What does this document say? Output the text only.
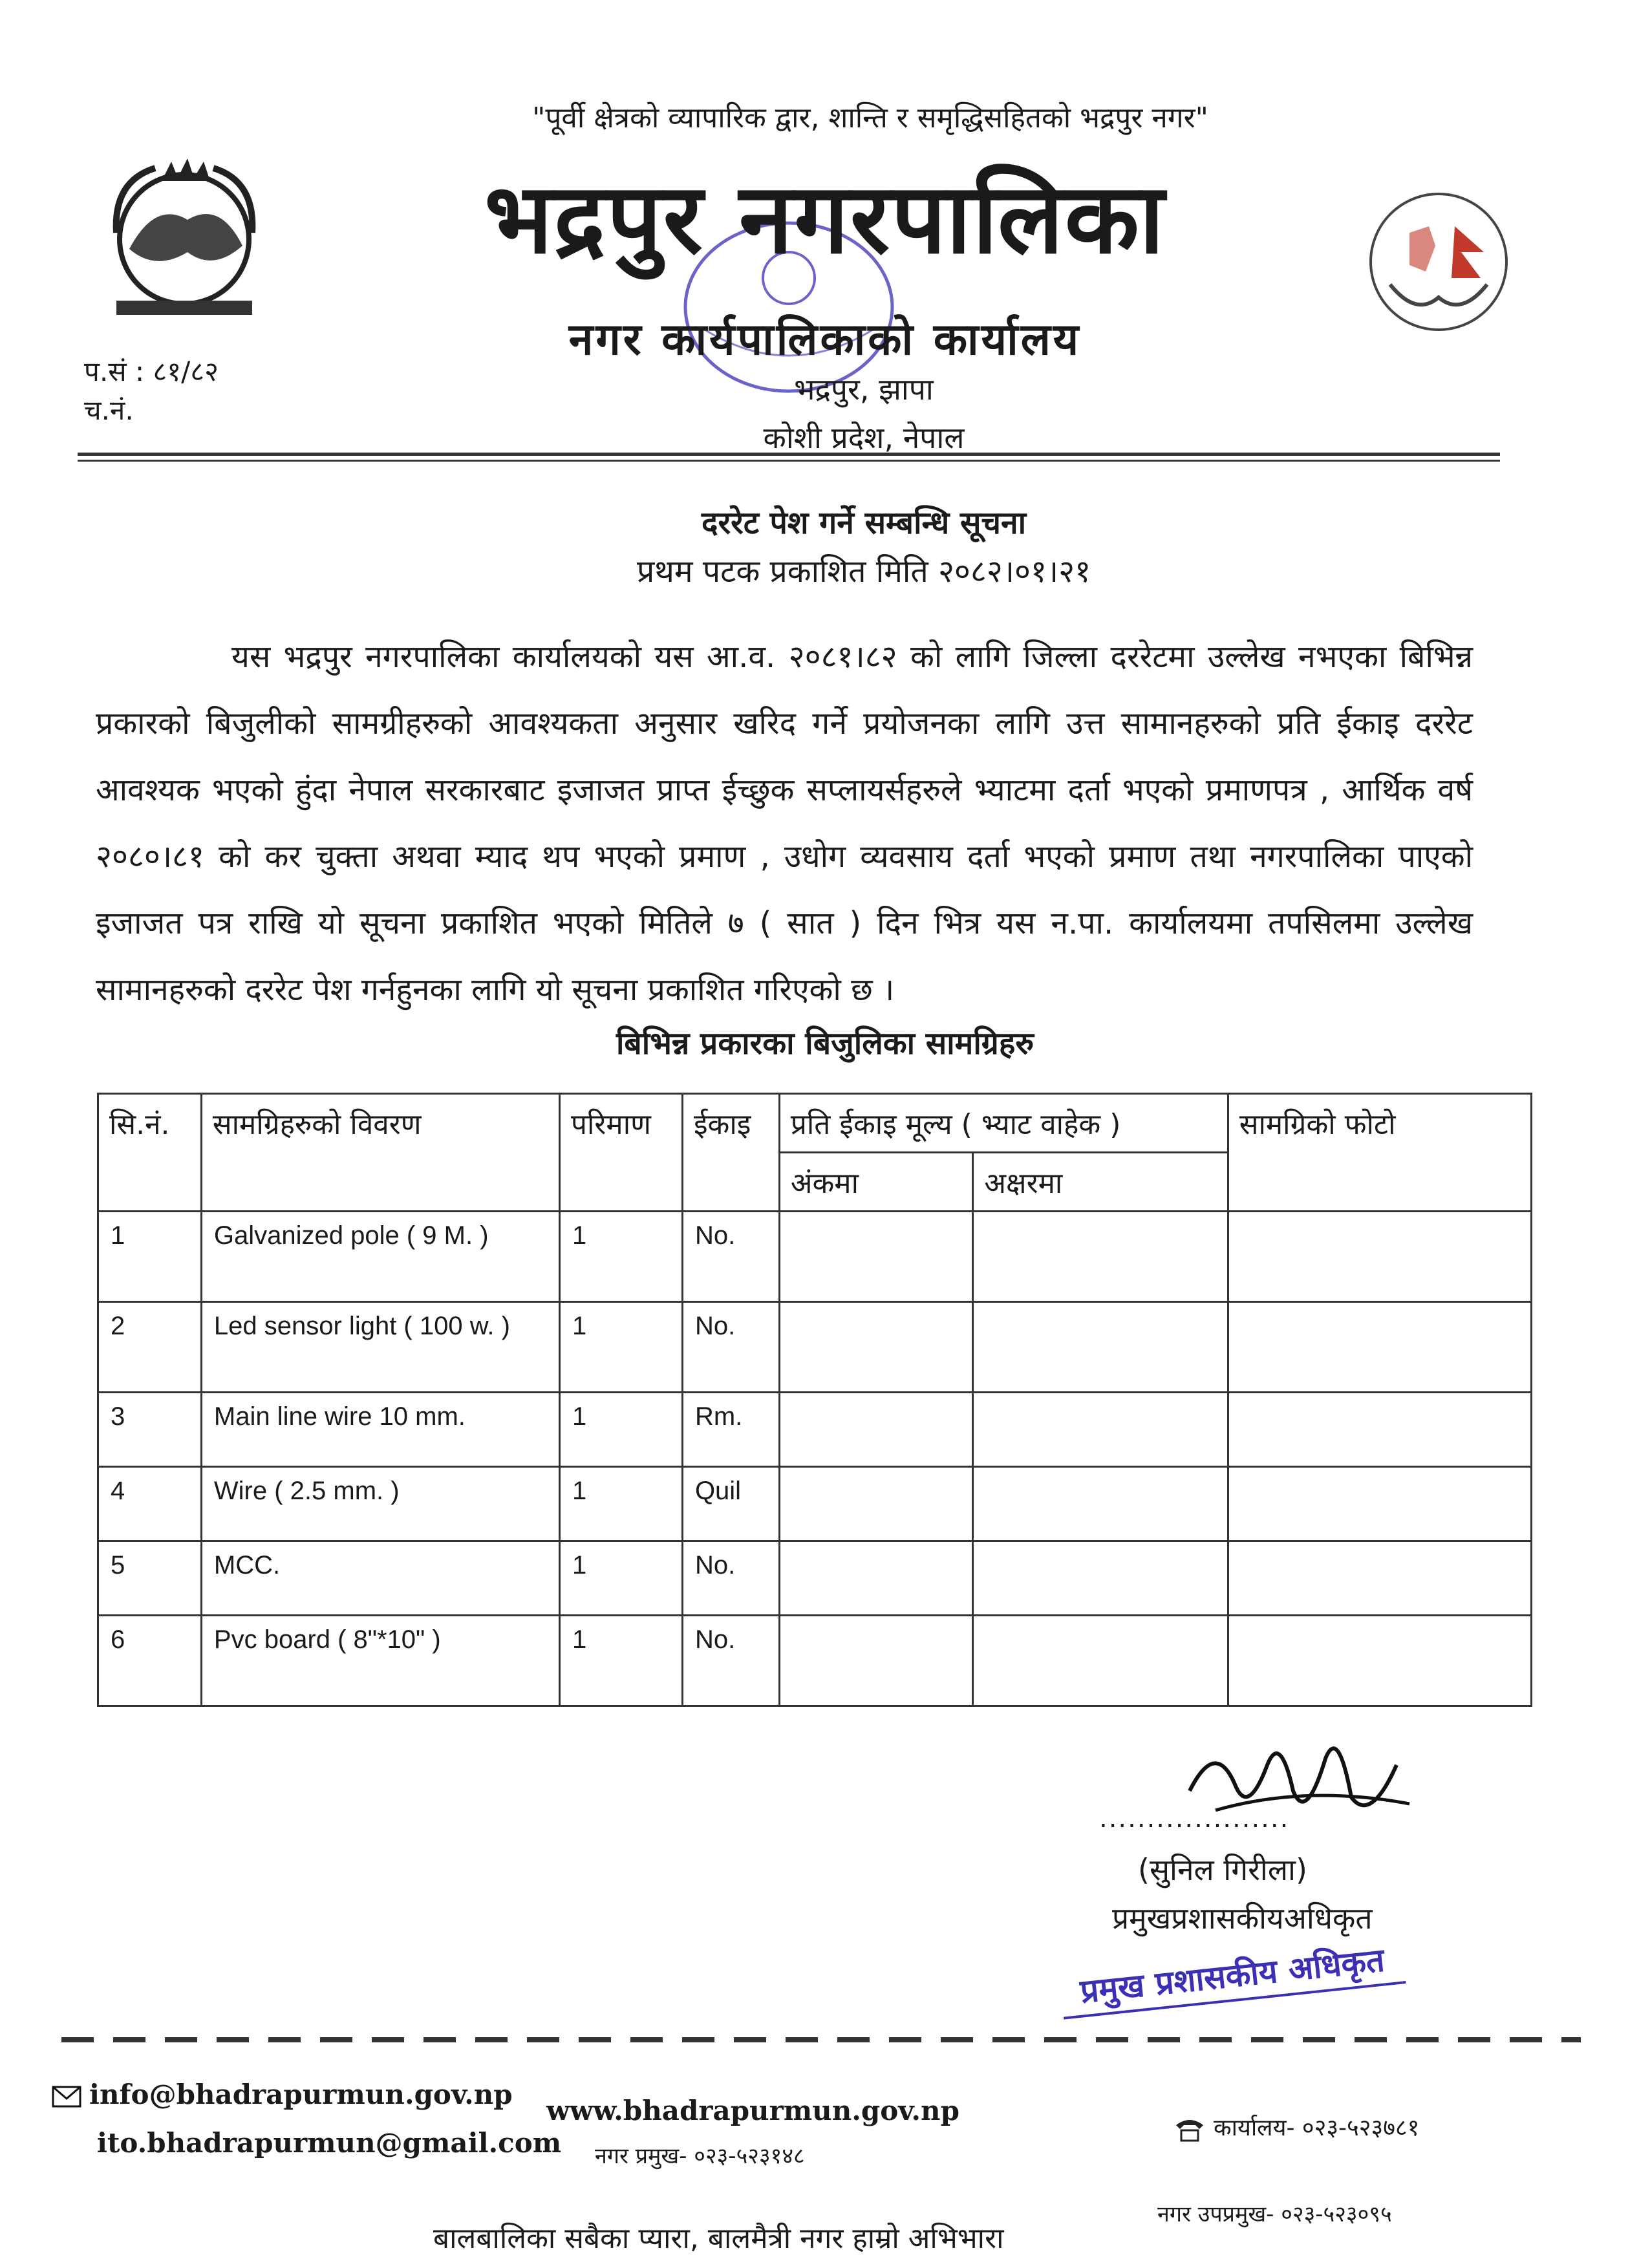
"पूर्वी क्षेत्रको व्यापारिक द्वार, शान्ति र समृद्धिसहितको भद्रपुर नगर"
भद्रपुर नगरपालिका
नगर कार्यपालिकाको कार्यालय
भद्रपुर, झापा
कोशी प्रदेश, नेपाल
प.सं : ८१/८२
च.नं.
दररेट पेश गर्ने सम्बन्धि सूचना
प्रथम पटक प्रकाशित मिति २०८२।०१।२१
यस भद्रपुर नगरपालिका कार्यालयको यस आ.व. २०८१।८२ को लागि जिल्ला दररेटमा उल्लेख नभएका बिभिन्न प्रकारको बिजुलीको सामग्रीहरुको आवश्यकता अनुसार खरिद गर्ने प्रयोजनका लागि उत्त सामानहरुको प्रति ईकाइ दररेट आवश्यक भएको हुंदा नेपाल सरकारबाट इजाजत प्राप्त ईच्छुक सप्लायर्सहरुले भ्याटमा दर्ता भएको प्रमाणपत्र , आर्थिक वर्ष २०८०।८१ को कर चुक्ता अथवा म्याद थप भएको प्रमाण , उधोग व्यवसाय दर्ता भएको प्रमाण तथा नगरपालिका पाएको इजाजत पत्र राखि यो सूचना प्रकाशित भएको मितिले ७ ( सात ) दिन भित्र यस न.पा. कार्यालयमा तपसिलमा उल्लेख सामानहरुको दररेट पेश गर्नहुनका लागि यो सूचना प्रकाशित गरिएको छ ।
बिभिन्न प्रकारका बिजुलिका सामग्रिहरु
सि.नं.	सामग्रिहरुको विवरण	परिमाण	ईकाइ	प्रति ईकाइ मूल्य ( भ्याट वाहेक )		सामग्रिको फोटो
				अंकमा	अक्षरमा	
1	Galvanized pole ( 9 M. )	1	No.			
2	Led sensor light ( 100 w. )	1	No.			
3	Main line wire 10 mm.	1	Rm.			
4	Wire ( 2.5 mm. )	1	Quil			
5	MCC.	1	No.			
6	Pvc board ( 8"*10" )	1	No.			
....................
(सुनिल गिरीला)
प्रमुखप्रशासकीयअधिकृत
प्रमुख प्रशासकीय अधिकृत
info@bhadrapurmun.gov.np
ito.bhadrapurmun@gmail.com
www.bhadrapurmun.gov.np
नगर प्रमुख- ०२३-५२३१४८
कार्यालय- ०२३-५२३७८१
नगर उपप्रमुख- ०२३-५२३०९५
बालबालिका सबैका प्यारा, बालमैत्री नगर हाम्रो अभिभारा
